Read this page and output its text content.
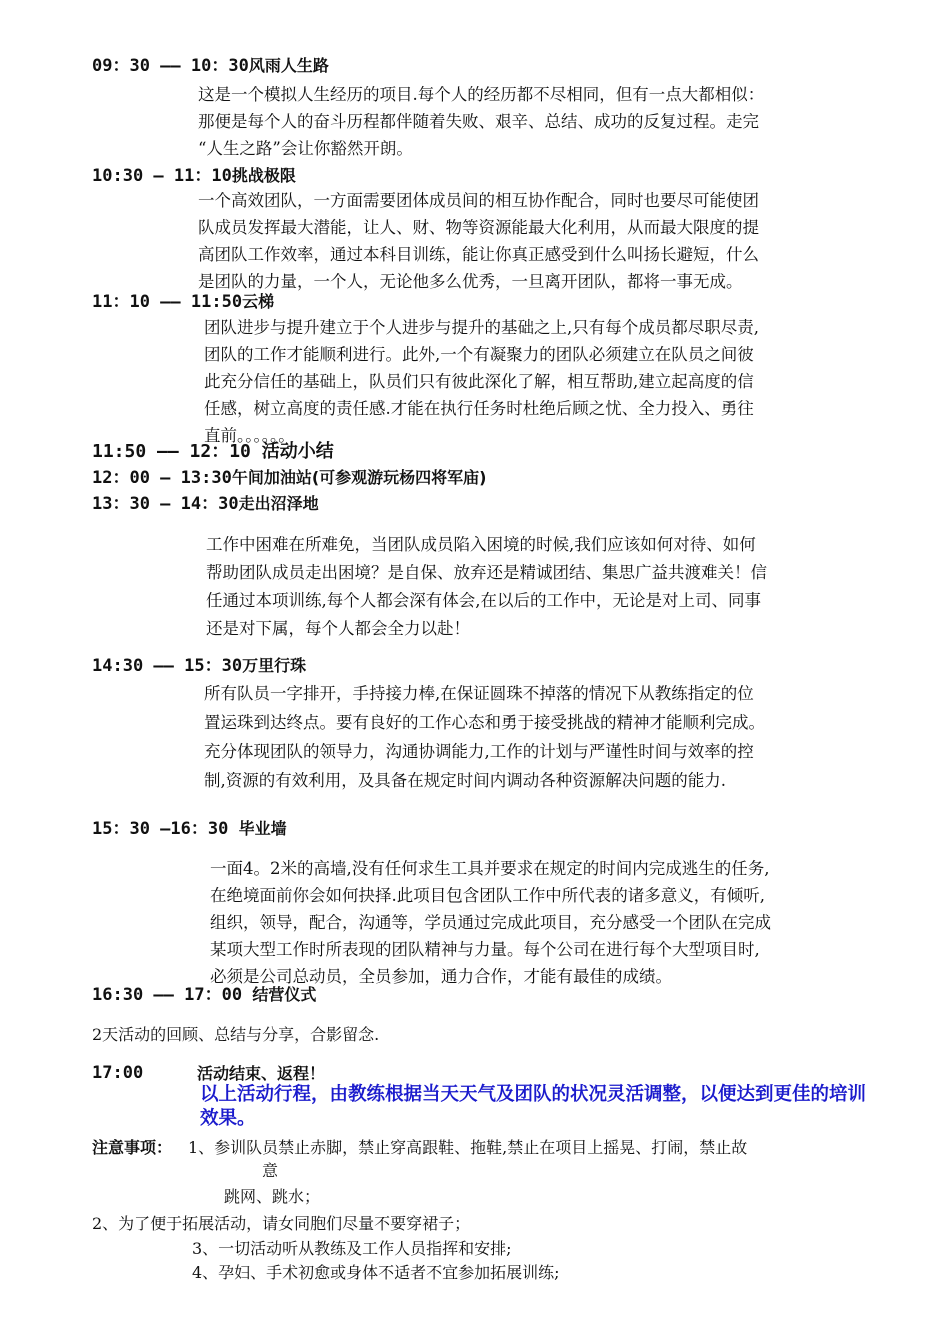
09：30 —— 10：30风雨人生路
这是一个模拟人生经历的项目.每个人的经历都不尽相同，但有一点大都相似：
那便是每个人的奋斗历程都伴随着失败、艰辛、总结、成功的反复过程。走完
“人生之路”会让你豁然开朗。
10:30 — 11：10挑战极限
一个高效团队，一方面需要团体成员间的相互协作配合，同时也要尽可能使团
队成员发挥最大潜能，让人、财、物等资源能最大化利用，从而最大限度的提
高团队工作效率，通过本科目训练，能让你真正感受到什么叫扬长避短，什么
是团队的力量，一个人，无论他多么优秀，一旦离开团队，都将一事无成。
11：10 —— 11:50云梯
团队进步与提升建立于个人进步与提升的基础之上,只有每个成员都尽职尽责,
团队的工作才能顺利进行。此外,一个有凝聚力的团队必须建立在队员之间彼
此充分信任的基础上，队员们只有彼此深化了解，相互帮助,建立起高度的信
任感，树立高度的责任感.才能在执行任务时杜绝后顾之忧、全力投入、勇往
直前。。。。。。
11:50 —— 12：10 活动小结
12：00 — 13:30午间加油站(可参观游玩杨四将军庙)
13：30 — 14：30走出沼泽地
工作中困难在所难免，当团队成员陷入困境的时候,我们应该如何对待、如何
帮助团队成员走出困境？是自保、放弃还是精诚团结、集思广益共渡难关！信
任通过本项训练,每个人都会深有体会,在以后的工作中，无论是对上司、同事
还是对下属，每个人都会全力以赴！
14:30 —— 15：30万里行珠
所有队员一字排开，手持接力棒,在保证圆珠不掉落的情况下从教练指定的位
置运珠到达终点。要有良好的工作心态和勇于接受挑战的精神才能顺利完成。
充分体现团队的领导力，沟通协调能力,工作的计划与严谨性时间与效率的控
制,资源的有效利用，及具备在规定时间内调动各种资源解决问题的能力.
15：30 —16：30 毕业墙
一面4。2米的高墙,没有任何求生工具并要求在规定的时间内完成逃生的任务,
在绝境面前你会如何抉择.此项目包含团队工作中所代表的诸多意义，有倾听,
组织，领导，配合，沟通等，学员通过完成此项目，充分感受一个团队在完成
某项大型工作时所表现的团队精神与力量。每个公司在进行每个大型项目时,
必须是公司总动员，全员参加，通力合作，才能有最佳的成绩。
16:30 —— 17：00 结营仪式
2天活动的回顾、总结与分享，合影留念.
17:00	活动结束、返程！
以上活动行程，由教练根据当天天气及团队的状况灵活调整，以便达到更佳的培训效果。
注意事项： 1、参训队员禁止赤脚，禁止穿高跟鞋、拖鞋,禁止在项目上摇晃、打闹，禁止故
意
跳网、跳水；
2、为了便于拓展活动，请女同胞们尽量不要穿裙子；
3、一切活动听从教练及工作人员指挥和安排;
4、孕妇、手术初愈或身体不适者不宜参加拓展训练;
